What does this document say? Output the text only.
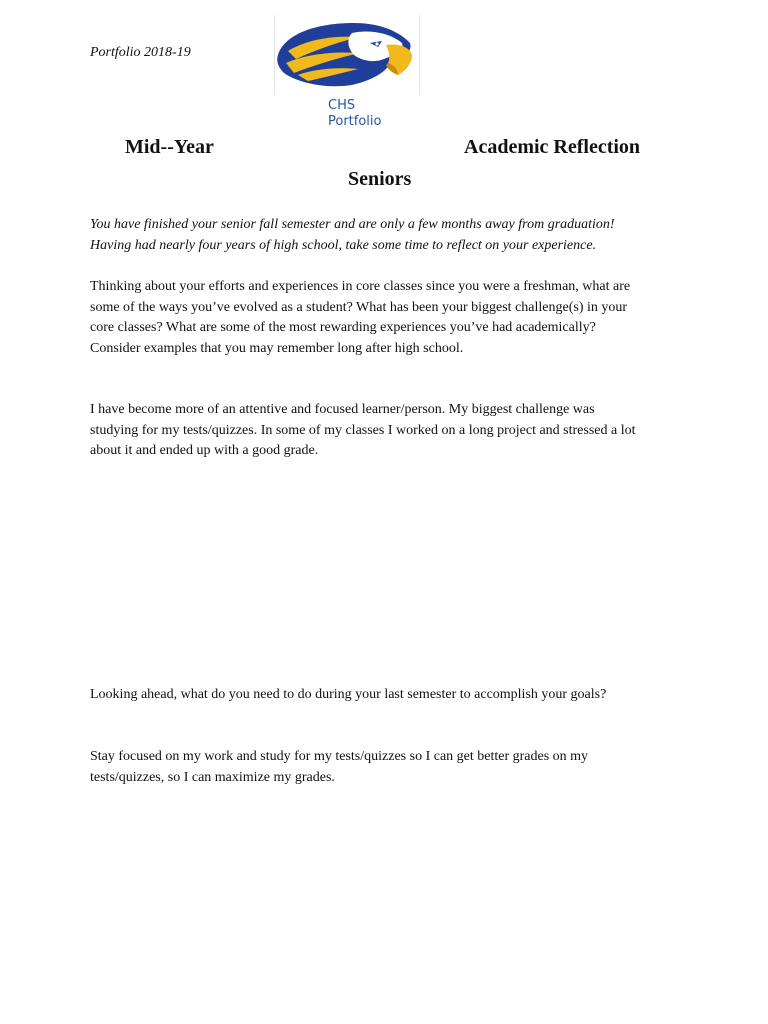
Portfolio 2018-19
CHS
Portfolio
Mid--Year	Academic Reflection
Seniors

You have finished your senior fall semester and are only a few months away from graduation!

Having had nearly four years of high school, take some time to reflect on your experience.

Thinking about your efforts and experiences in core classes since you were a freshman, what are

some of the ways you’ve evolved as a student? What has been your biggest challenge(s) in your

core classes? What are some of the most rewarding experiences you’ve had academically?

Consider examples that you may remember long after high school.

I have become more of an attentive and focused learner/person. My biggest challenge was

studying for my tests/quizzes. In some of my classes I worked on a long project and stressed a lot

about it and ended up with a good grade.

Looking ahead, what do you need to do during your last semester to accomplish your goals?

Stay focused on my work and study for my tests/quizzes so I can get better grades on my

tests/quizzes, so I can maximize my grades.
